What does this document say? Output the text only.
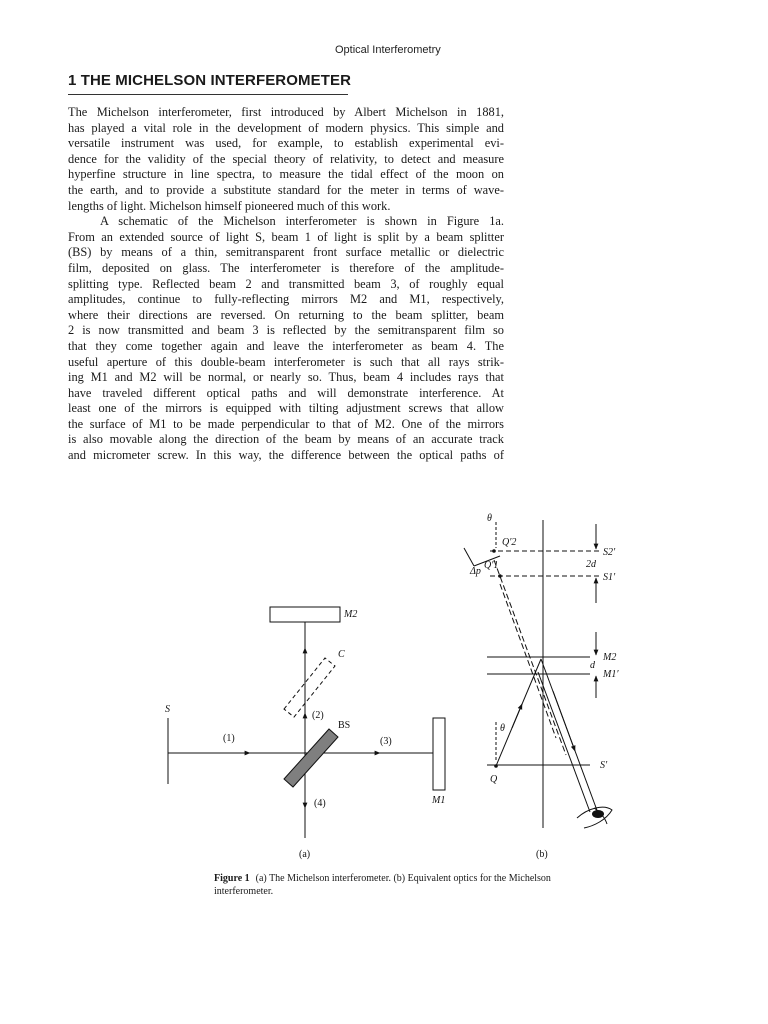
Optical Interferometry
1 THE MICHELSON INTERFEROMETER
The Michelson interferometer, first introduced by Albert Michelson in 1881,
has played a vital role in the development of modern physics. This simple and
versatile instrument was used, for example, to establish experimental evi-
dence for the validity of the special theory of relativity, to detect and measure
hyperfine structure in line spectra, to measure the tidal effect of the moon on
the earth, and to provide a substitute standard for the meter in terms of wave-
lengths of light. Michelson himself pioneered much of this work.
A schematic of the Michelson interferometer is shown in Figure 1a.
From an extended source of light S, beam 1 of light is split by a beam splitter
(BS) by means of a thin, semitransparent front surface metallic or dielectric
film, deposited on glass. The interferometer is therefore of the amplitude-
splitting type. Reflected beam 2 and transmitted beam 3, of roughly equal
amplitudes, continue to fully-reflecting mirrors M2 and M1, respectively,
where their directions are reversed. On returning to the beam splitter, beam
2 is now transmitted and beam 3 is reflected by the semitransparent film so
that they come together again and leave the interferometer as beam 4. The
useful aperture of this double-beam interferometer is such that all rays strik-
ing M1 and M2 will be normal, or nearly so. Thus, beam 4 includes rays that
have traveled different optical paths and will demonstrate interference. At
least one of the mirrors is equipped with tilting adjustment screws that allow
the surface of M1 to be made perpendicular to that of M2. One of the mirrors
is also movable along the direction of the beam by means of an accurate track
and micrometer screw. In this way, the difference between the optical paths of
S
(1)
(2)
(3)
(4)
BS
C
M1
M2
(a)
θ
Q′2
Q′1
Δp
S2′
2d
S1′
M2
d
M1′
θ
Q
S′
(b)
Figure 1 (a) The Michelson interferometer. (b) Equivalent optics for the Michelson interferometer.
